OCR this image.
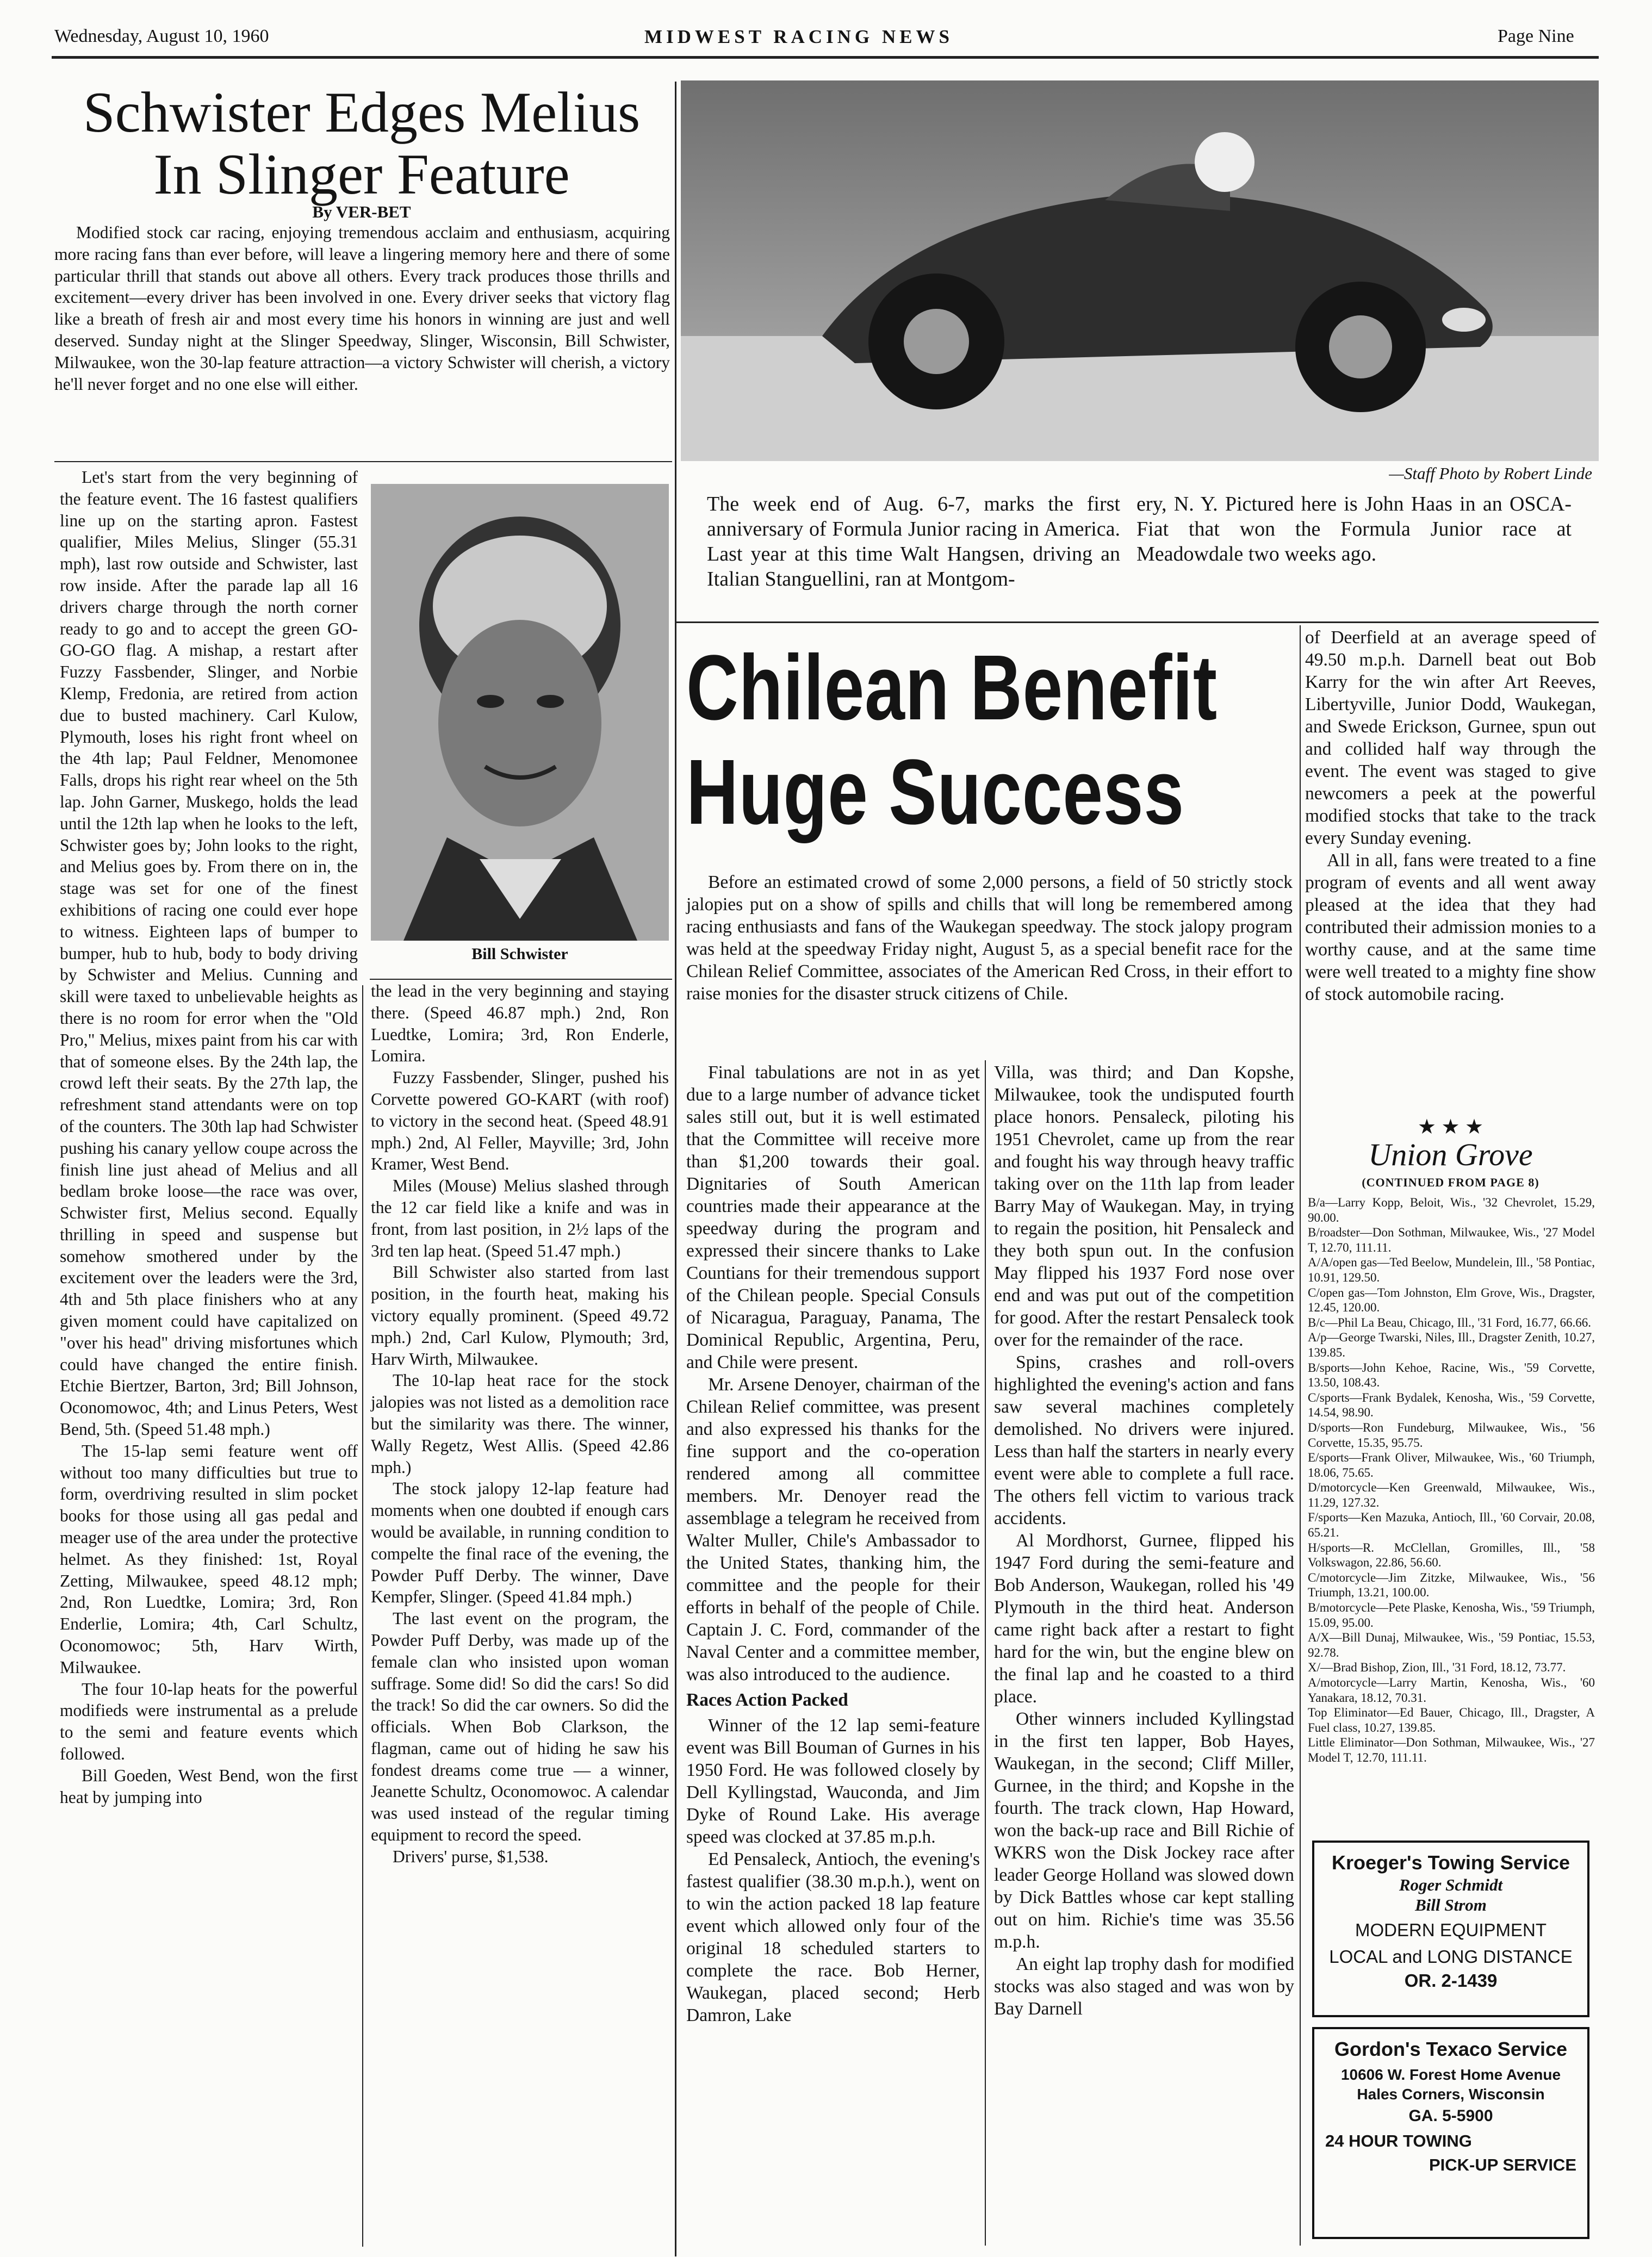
Wednesday, August 10, 1960	MIDWEST RACING NEWS	Page Nine
Schwister Edges Melius
In Slinger Feature
By VER-BET

Modified stock car racing, enjoying tremendous acclaim and enthusiasm, acquiring more racing fans than ever before, will leave a lingering memory here and there of some particular thrill that stands out above all others. Every track produces those thrills and excitement—every driver has been involved in one. Every driver seeks that victory flag like a breath of fresh air and most every time his honors in winning are just and well deserved. Sunday night at the Slinger Speedway, Slinger, Wisconsin, Bill Schwister, Milwaukee, won the 30-lap feature attraction—a victory Schwister will cherish, a victory he'll never forget and no one else will either.

Let's start from the very beginning of the feature event. The 16 fastest qualifiers line up on the starting apron. Fastest qualifier, Miles Melius, Slinger (55.31 mph), last row outside and Schwister, last row inside. After the parade lap all 16 drivers charge through the north corner ready to go and to accept the green GO-GO-GO flag. A mishap, a restart after Fuzzy Fassbender, Slinger, and Norbie Klemp, Fredonia, are retired from action due to busted machinery. Carl Kulow, Plymouth, loses his right front wheel on the 4th lap; Paul Feldner, Menomonee Falls, drops his right rear wheel on the 5th lap. John Garner, Muskego, holds the lead until the 12th lap when he looks to the left, Schwister goes by; John looks to the right, and Melius goes by. From there on in, the stage was set for one of the finest exhibitions of racing one could ever hope to witness. Eighteen laps of bumper to bumper, hub to hub, body to body driving by Schwister and Melius. Cunning and skill were taxed to unbelievable heights as there is no room for error when the "Old Pro," Melius, mixes paint from his car with that of someone elses. By the 24th lap, the crowd left their seats. By the 27th lap, the refreshment stand attendants were on top of the counters. The 30th lap had Schwister pushing his canary yellow coupe across the finish line just ahead of Melius and all bedlam broke loose—the race was over, Schwister first, Melius second. Equally thrilling in speed and suspense but somehow smothered under by the excitement over the leaders were the 3rd, 4th and 5th place finishers who at any given moment could have capitalized on "over his head" driving misfortunes which could have changed the entire finish. Etchie Biertzer, Barton, 3rd; Bill Johnson, Oconomowoc, 4th; and Linus Peters, West Bend, 5th. (Speed 51.48 mph.)

The 15-lap semi feature went off without too many difficulties but true to form, overdriving resulted in slim pocket books for those using all gas pedal and meager use of the area under the protective helmet. As they finished: 1st, Royal Zetting, Milwaukee, speed 48.12 mph; 2nd, Ron Luedtke, Lomira; 3rd, Ron Enderlie, Lomira; 4th, Carl Schultz, Oconomowoc; 5th, Harv Wirth, Milwaukee.

The four 10-lap heats for the powerful modifieds were instrumental as a prelude to the semi and feature events which followed.

Bill Goeden, West Bend, won the first heat by jumping into

Bill Schwister

the lead in the very beginning and staying there. (Speed 46.87 mph.) 2nd, Ron Luedtke, Lomira; 3rd, Ron Enderle, Lomira.

Fuzzy Fassbender, Slinger, pushed his Corvette powered GO-KART (with roof) to victory in the second heat. (Speed 48.91 mph.) 2nd, Al Feller, Mayville; 3rd, John Kramer, West Bend.

Miles (Mouse) Melius slashed through the 12 car field like a knife and was in front, from last position, in 2½ laps of the 3rd ten lap heat. (Speed 51.47 mph.)

Bill Schwister also started from last position, in the fourth heat, making his victory equally prominent. (Speed 49.72 mph.) 2nd, Carl Kulow, Plymouth; 3rd, Harv Wirth, Milwaukee.

The 10-lap heat race for the stock jalopies was not listed as a demolition race but the similarity was there. The winner, Wally Regetz, West Allis. (Speed 42.86 mph.)

The stock jalopy 12-lap feature had moments when one doubted if enough cars would be available, in running condition to compelte the final race of the evening, the Powder Puff Derby. The winner, Dave Kempfer, Slinger. (Speed 41.84 mph.)

The last event on the program, the Powder Puff Derby, was made up of the female clan who insisted upon woman suffrage. Some did! So did the cars! So did the track! So did the car owners. So did the officials. When Bob Clarkson, the flagman, came out of hiding he saw his fondest dreams come true — a winner, Jeanette Schultz, Oconomowoc. A calendar was used instead of the regular timing equipment to record the speed.

Drivers' purse, $1,538.

—Staff Photo by Robert Linde
The week end of Aug. 6-7, marks the first anniversary of Formula Junior racing in America. Last year at this time Walt Hangsen, driving an Italian Stanguellini, ran at Montgom-
ery, N. Y. Pictured here is John Haas in an OSCA-Fiat that won the Formula Junior race at Meadowdale two weeks ago.
Chilean Benefit
Huge Success

Before an estimated crowd of some 2,000 persons, a field of 50 strictly stock jalopies put on a show of spills and chills that will long be remembered among racing enthusiasts and fans of the Waukegan speedway. The stock jalopy program was held at the speedway Friday night, August 5, as a special benefit race for the Chilean Relief Committee, associates of the American Red Cross, in their effort to raise monies for the disaster struck citizens of Chile.

Final tabulations are not in as yet due to a large number of advance ticket sales still out, but it is well estimated that the Committee will receive more than $1,200 towards their goal. Dignitaries of South American countries made their appearance at the speedway during the program and expressed their sincere thanks to Lake Countians for their tremendous support of the Chilean people. Special Consuls of Nicaragua, Paraguay, Panama, The Dominical Republic, Argentina, Peru, and Chile were present.

Mr. Arsene Denoyer, chairman of the Chilean Relief committee, was present and also expressed his thanks for the fine support and the co-operation rendered among all committee members. Mr. Denoyer read the assemblage a telegram he received from Walter Muller, Chile's Ambassador to the United States, thanking him, the committee and the people for their efforts in behalf of the people of Chile. Captain J. C. Ford, commander of the Naval Center and a committee member, was also introduced to the audience.

Races Action Packed

Winner of the 12 lap semi-feature event was Bill Bouman of Gurnes in his 1950 Ford. He was followed closely by Dell Kyllingstad, Wauconda, and Jim Dyke of Round Lake. His average speed was clocked at 37.85 m.p.h.

Ed Pensaleck, Antioch, the evening's fastest qualifier (38.30 m.p.h.), went on to win the action packed 18 lap feature event which allowed only four of the original 18 scheduled starters to complete the race. Bob Herner, Waukegan, placed second; Herb Damron, Lake

Villa, was third; and Dan Kopshe, Milwaukee, took the undisputed fourth place honors. Pensaleck, piloting his 1951 Chevrolet, came up from the rear and fought his way through heavy traffic taking over on the 11th lap from leader Barry May of Waukegan. May, in trying to regain the position, hit Pensaleck and they both spun out. In the confusion May flipped his 1937 Ford nose over end and was put out of the competition for good. After the restart Pensaleck took over for the remainder of the race.

Spins, crashes and roll-overs highlighted the evening's action and fans saw several machines completely demolished. No drivers were injured. Less than half the starters in nearly every event were able to complete a full race. The others fell victim to various track accidents.

Al Mordhorst, Gurnee, flipped his 1947 Ford during the semi-feature and Bob Anderson, Waukegan, rolled his '49 Plymouth in the third heat. Anderson came right back after a restart to fight hard for the win, but the engine blew on the final lap and he coasted to a third place.

Other winners included Kyllingstad in the first ten lapper, Bob Hayes, Waukegan, in the second; Cliff Miller, Gurnee, in the third; and Kopshe in the fourth. The track clown, Hap Howard, won the back-up race and Bill Richie of WKRS won the Disk Jockey race after leader George Holland was slowed down by Dick Battles whose car kept stalling out on him. Richie's time was 35.56 m.p.h.

An eight lap trophy dash for modified stocks was also staged and was won by Bay Darnell

of Deerfield at an average speed of 49.50 m.p.h. Darnell beat out Bob Karry for the win after Art Reeves, Libertyville, Junior Dodd, Waukegan, and Swede Erickson, Gurnee, spun out and collided half way through the event. The event was staged to give newcomers a peek at the powerful modified stocks that take to the track every Sunday evening.

All in all, fans were treated to a fine program of events and all went away pleased at the idea that they had contributed their admission monies to a worthy cause, and at the same time were well treated to a mighty fine show of stock automobile racing.

★ ★ ★
Union Grove
(CONTINUED FROM PAGE 8)

B/a—Larry Kopp, Beloit, Wis., '32 Chevrolet, 15.29, 90.00.

B/roadster—Don Sothman, Milwaukee, Wis., '27 Model T, 12.70, 111.11.

A/A/open gas—Ted Beelow, Mundelein, Ill., '58 Pontiac, 10.91, 129.50.

C/open gas—Tom Johnston, Elm Grove, Wis., Dragster, 12.45, 120.00.

B/c—Phil La Beau, Chicago, Ill., '31 Ford, 16.77, 66.66.

A/p—George Twarski, Niles, Ill., Dragster Zenith, 10.27, 139.85.

B/sports—John Kehoe, Racine, Wis., '59 Corvette, 13.50, 108.43.

C/sports—Frank Bydalek, Kenosha, Wis., '59 Corvette, 14.54, 98.90.

D/sports—Ron Fundeburg, Milwaukee, Wis., '56 Corvette, 15.35, 95.75.

E/sports—Frank Oliver, Milwaukee, Wis., '60 Triumph, 18.06, 75.65.

D/motorcycle—Ken Greenwald, Milwaukee, Wis., 11.29, 127.32.

F/sports—Ken Mazuka, Antioch, Ill., '60 Corvair, 20.08, 65.21.

H/sports—R. McClellan, Gromilles, Ill., '58 Volkswagon, 22.86, 56.60.

C/motorcycle—Jim Zitzke, Milwaukee, Wis., '56 Triumph, 13.21, 100.00.

B/motorcycle—Pete Plaske, Kenosha, Wis., '59 Triumph, 15.09, 95.00.

A/X—Bill Dunaj, Milwaukee, Wis., '59 Pontiac, 15.53, 92.78.

X/—Brad Bishop, Zion, Ill., '31 Ford, 18.12, 73.77.

A/motorcycle—Larry Martin, Kenosha, Wis., '60 Yanakara, 18.12, 70.31.

Top Eliminator—Ed Bauer, Chicago, Ill., Dragster, A Fuel class, 10.27, 139.85.

Little Eliminator—Don Sothman, Milwaukee, Wis., '27 Model T, 12.70, 111.11.

Kroeger's Towing Service
Roger Schmidt
Bill Strom
MODERN EQUIPMENT
LOCAL and LONG DISTANCE
OR. 2-1439
Gordon's Texaco Service
10606 W. Forest Home Avenue
Hales Corners, Wisconsin
GA. 5-5900
24 HOUR TOWING
PICK-UP SERVICE
